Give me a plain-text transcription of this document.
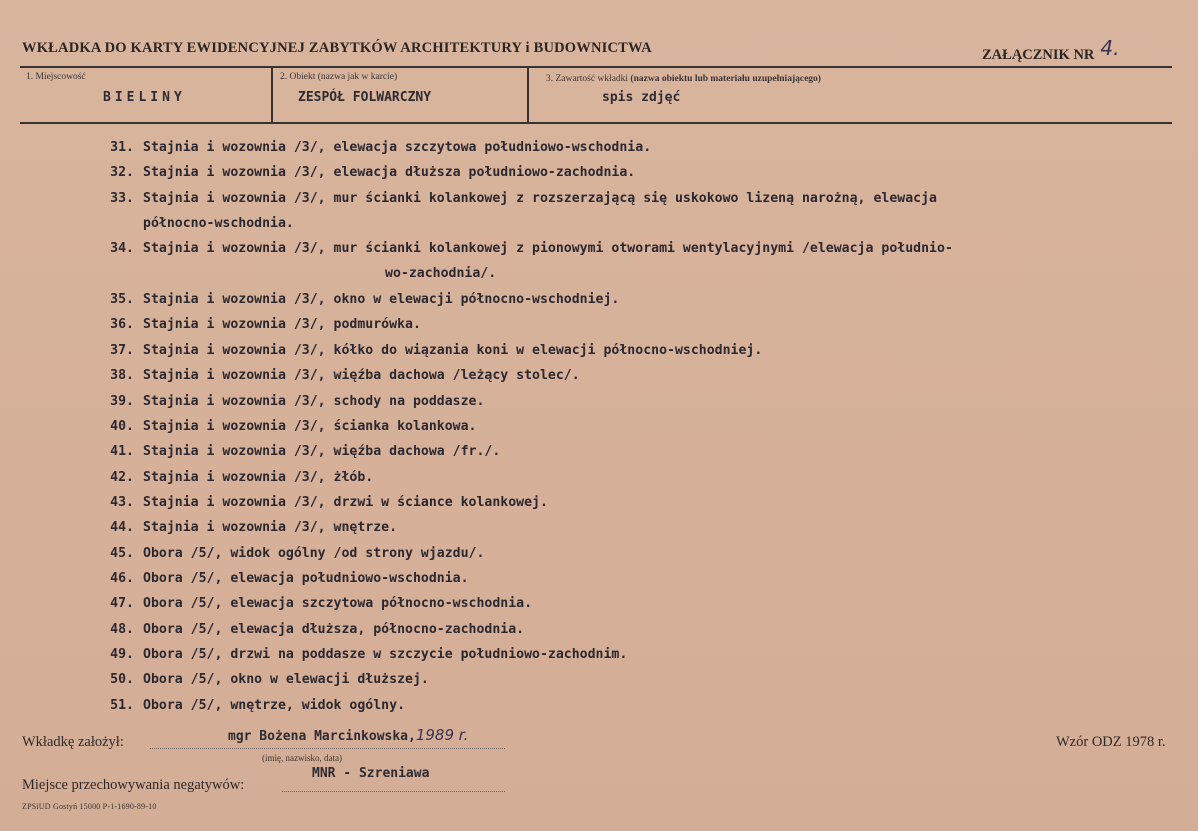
WKŁADKA DO KARTY EWIDENCYJNEJ ZABYTKÓW ARCHITEKTURY i BUDOWNICTWA	ZAŁĄCZNIK NR 4.
1. Miejscowość
BIELINY
2. Obiekt (nazwa jak w karcie)
ZESPÓŁ FOLWARCZNY
3. Zawartość wkładki (nazwa obiektu lub materiału uzupełniającego)
spis zdjęć
31. Stajnia i wozownia /3/, elewacja szczytowa południowo-wschodnia.
32. Stajnia i wozownia /3/, elewacja dłuższa południowo-zachodnia.
33. Stajnia i wozownia /3/, mur ścianki kolankowej z rozszerzającą się uskokowo lizeną narożną, elewacja
północno-wschodnia.
34. Stajnia i wozownia /3/, mur ścianki kolankowej z pionowymi otworami wentylacyjnymi /elewacja południo-
wo-zachodnia/.
35. Stajnia i wozownia /3/, okno w elewacji północno-wschodniej.
36. Stajnia i wozownia /3/, podmurówka.
37. Stajnia i wozownia /3/, kółko do wiązania koni w elewacji północno-wschodniej.
38. Stajnia i wozownia /3/, więźba dachowa /leżący stolec/.
39. Stajnia i wozownia /3/, schody na poddasze.
40. Stajnia i wozownia /3/, ścianka kolankowa.
41. Stajnia i wozownia /3/, więźba dachowa /fr./.
42. Stajnia i wozownia /3/, żłób.
43. Stajnia i wozownia /3/, drzwi w ściance kolankowej.
44. Stajnia i wozownia /3/, wnętrze.
45. Obora /5/, widok ogólny /od strony wjazdu/.
46. Obora /5/, elewacja południowo-wschodnia.
47. Obora /5/, elewacja szczytowa północno-wschodnia.
48. Obora /5/, elewacja dłuższa, północno-zachodnia.
49. Obora /5/, drzwi na poddasze w szczycie południowo-zachodnim.
50. Obora /5/, okno w elewacji dłuższej.
51. Obora /5/, wnętrze, widok ogólny.
Wkładkę założył:	mgr Bożena Marcinkowska,1989 r.
(imię, nazwisko, data)
Wzór ODZ 1978 r.
Miejsce przechowywania negatywów:
MNR - Szreniawa
ZPSiUD Gostyń 15000 P-1-1690-89-10
